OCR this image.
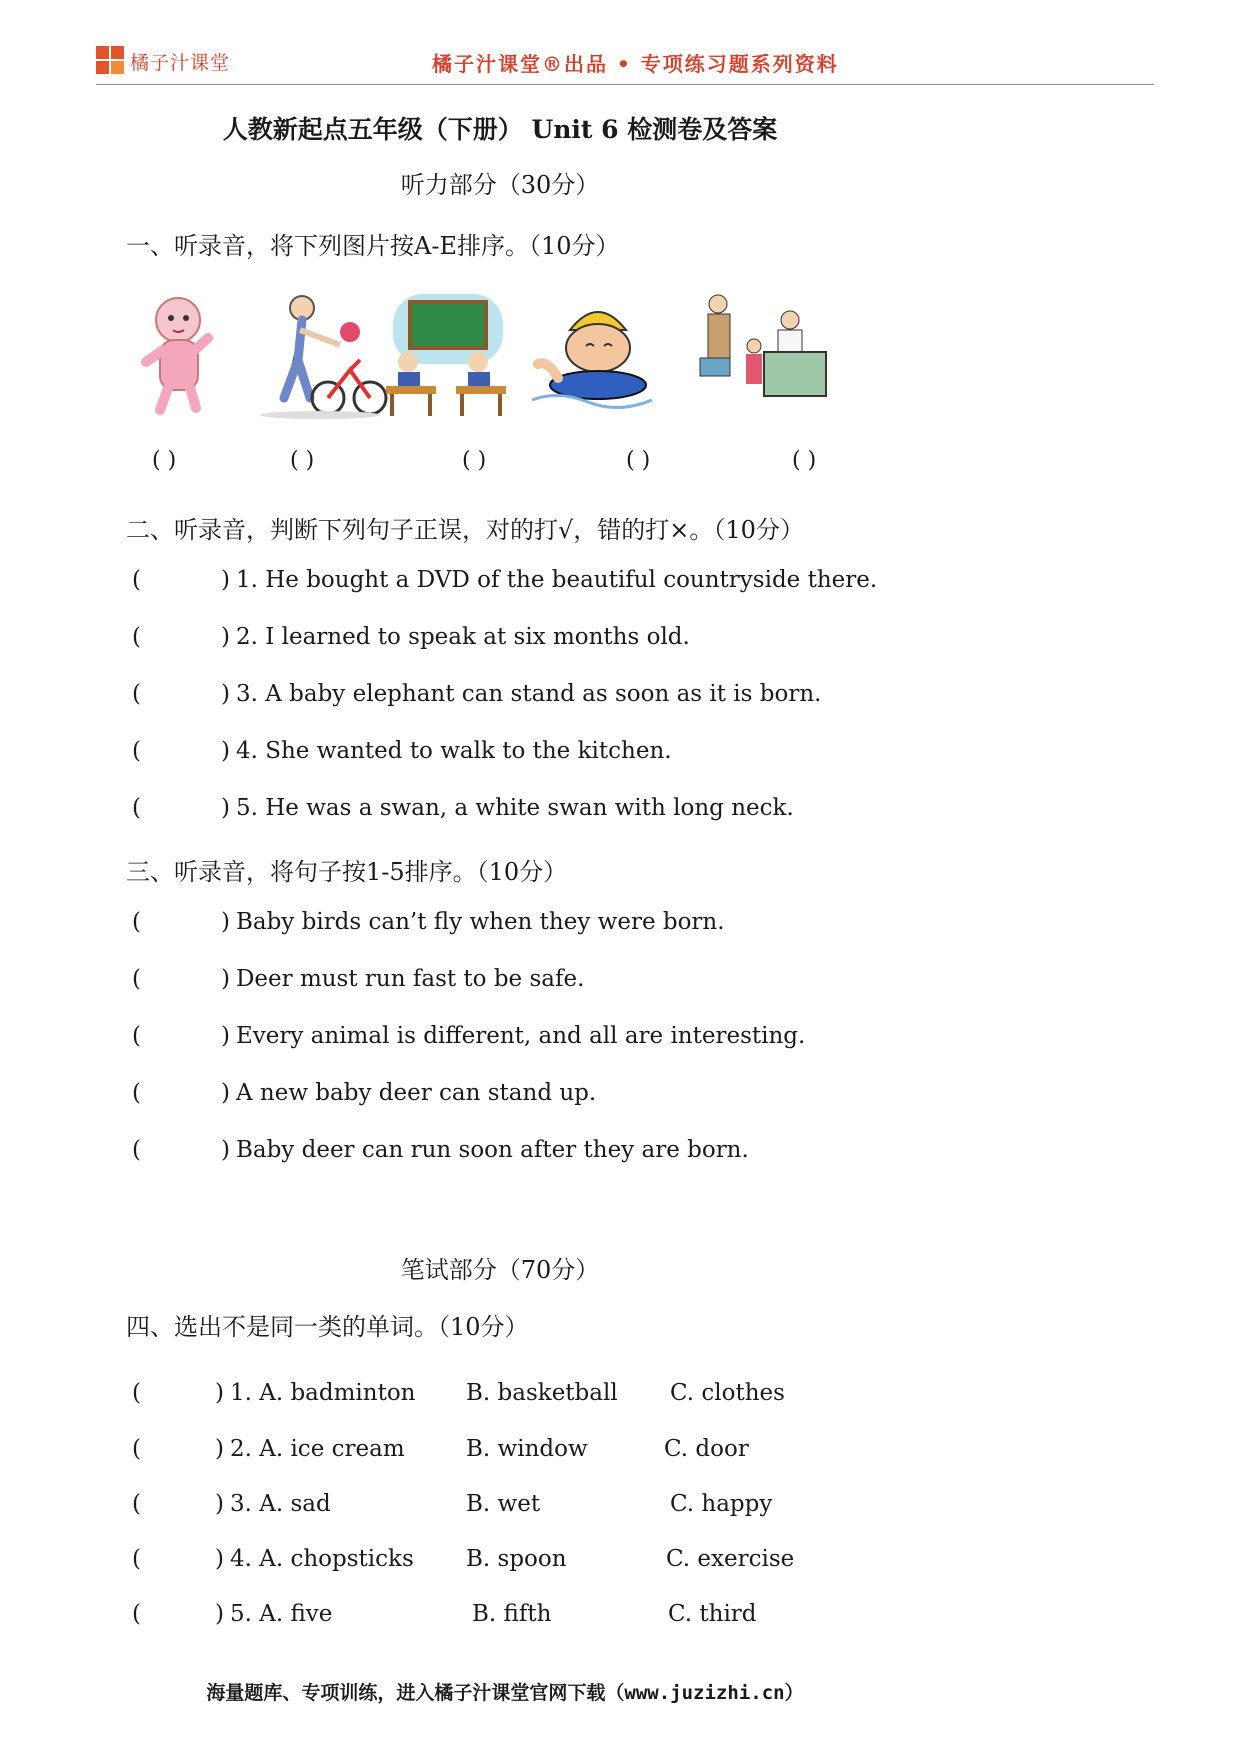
橘子汁课堂	橘子汁课堂®出品 • 专项练习题系列资料
人教新起点五年级（下册） Unit 6 检测卷及答案
听力部分（30分）
一、听录音，将下列图片按A-E排序。（10分）
( )	( )	( )	( )	( )
二、听录音，判断下列句子正误，对的打√，错的打×。（10分）
(	) 1. He bought a DVD of the beautiful countryside there.
(	) 2. I learned to speak at six months old.
(	) 3. A baby elephant can stand as soon as it is born.
(	) 4. She wanted to walk to the kitchen.
(	) 5. He was a swan, a white swan with long neck.
三、听录音，将句子按1-5排序。（10分）
(	) Baby birds can’t fly when they were born.
(	) Deer must run fast to be safe.
(	) Every animal is different, and all are interesting.
(	) A new baby deer can stand up.
(	) Baby deer can run soon after they are born.
笔试部分（70分）
四、选出不是同一类的单词。（10分）
(	) 1. A. badminton B. basketball C. clothes
(	) 2. A. ice cream	B. window	C. door
(	) 3. A. sad	B. wet	C. happy
(	) 4. A. chopsticks B. spoon	C. exercise
(	) 5. A. five	B. fifth	C. third
海量题库、专项训练，进入橘子汁课堂官网下载（www.juzizhi.cn）
